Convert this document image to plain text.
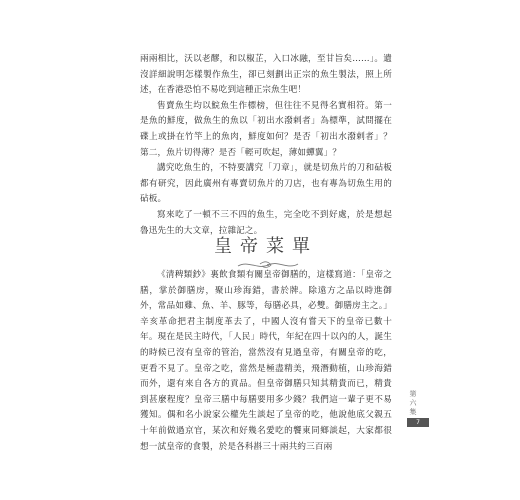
兩兩相比，沃以老醪，和以椒芷，入口冰融，至甘旨矣……」。遺沒詳細說明怎樣製作魚生，卻已刻劃出正宗的魚生製法，照上所述，在香港恐怕不易吃到這種正宗魚生吧！

售賣魚生均以鯇魚生作標榜，但往往不見得名實相符。第一是魚的鮮度，做魚生的魚以「初出水潑剌者」為標準，試問擺在碟上或掛在竹竿上的魚肉，鮮度如何？是否「初出水潑剌者」？第二，魚片切得薄？是否「輕可吹起，薄如蟬翼」？

講究吃魚生的，不特要講究「刀章」，就是切魚片的刀和砧板都有研究，因此廣州有專賣切魚片的刀店，也有專為切魚生用的砧板。

寫來吃了一頓不三不四的魚生，完全吃不到好處，於是想起魯迅先生的大文章，拉雜記之。

皇帝菜單

《清稗類鈔》裏飲食類有關皇帝御膳的，這樣寫道：「皇帝之膳，掌於御膳房，聚山珍海錯，書於牌。除遠方之品以時進御外，常品如雞、魚、羊、豚等，每膳必具，必雙。御膳房主之。」辛亥革命把君主制度革去了，中國人沒有嘗天下的皇帝已數十年。現在是民主時代，「人民」時代，年紀在四十以內的人，誕生的時候已沒有皇帝的管治，當然沒有見過皇帝，有關皇帝的吃，更看不見了。皇帝之吃，當然是極盡精美，飛潛動植，山珍海錯而外，還有來自各方的貢品。但皇帝御膳只知其精貴而已，精貴到甚麼程度？皇帝三膳中每膳要用多少錢？我們這一輩子更不易獲知。偶和名小說家公權先生談起了皇帝的吃，他說他底父親五十年前做過京官，某次和好幾名愛吃的饗東同鄉談起，大家都很想一試皇帝的食製，於是各科斟三十兩共約三百兩

第六集
7
